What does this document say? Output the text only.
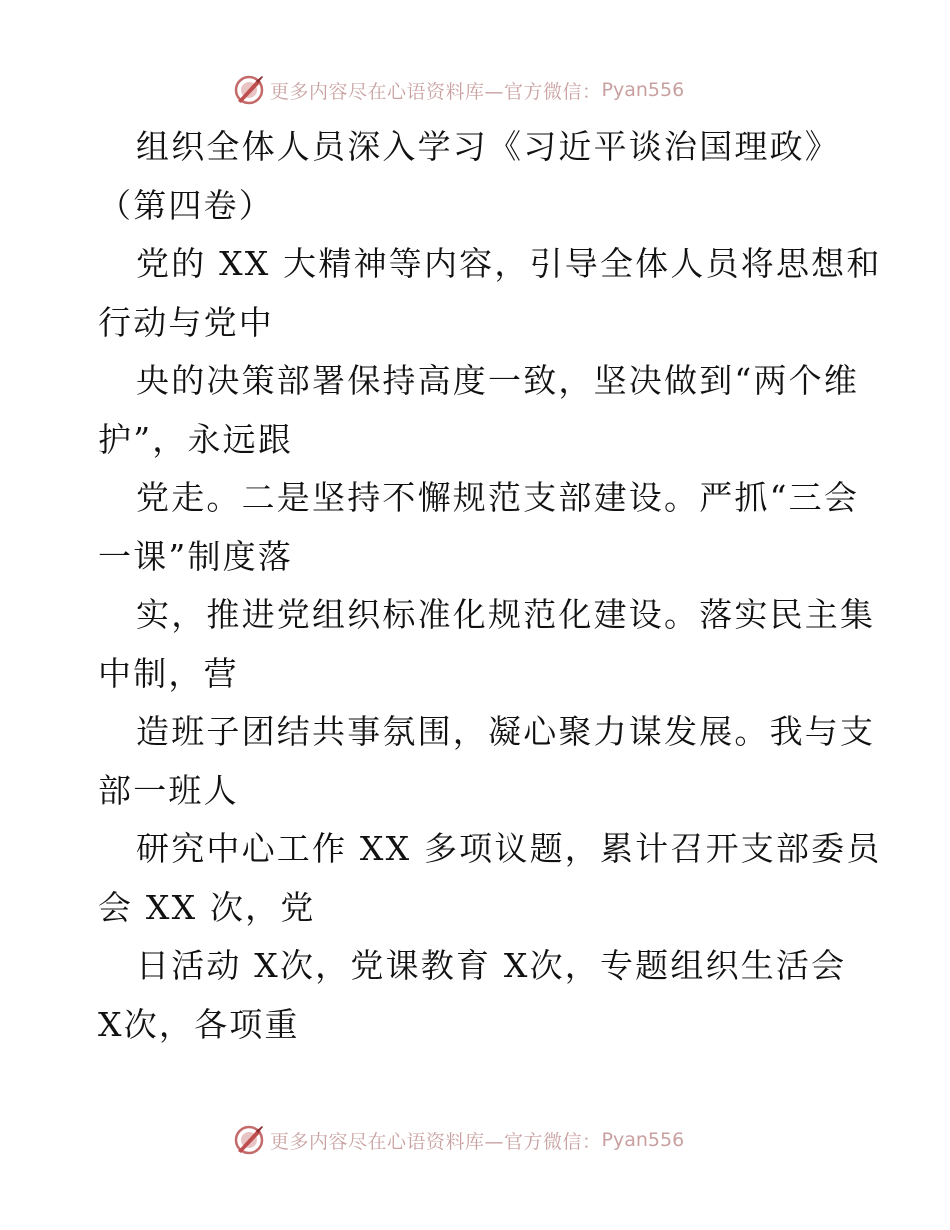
更多内容尽在心语资料库—官方微信： Pyan556
组织全体人员深入学习《习近平谈治国理政》
（第四卷）
党的 XX 大精神等内容，引导全体人员将思想和
行动与党中
央的决策部署保持高度一致，坚决做到“两个维
护”，永远跟
党走。二是坚持不懈规范支部建设。严抓“三会
一课”制度落
实，推进党组织标准化规范化建设。落实民主集
中制，营
造班子团结共事氛围，凝心聚力谋发展。我与支
部一班人
研究中心工作 XX 多项议题，累计召开支部委员
会 XX 次，党
日活动 X次，党课教育 X次，专题组织生活会
X次，各项重
更多内容尽在心语资料库—官方微信： Pyan556
